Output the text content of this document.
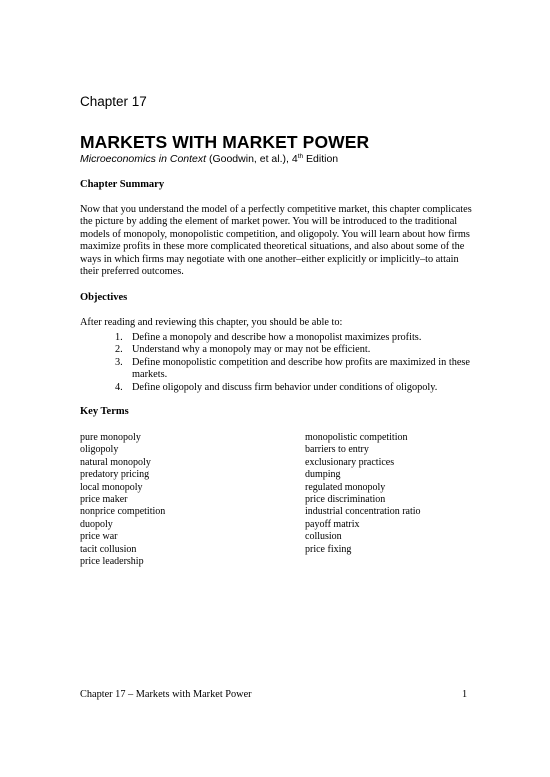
Chapter 17
MARKETS WITH MARKET POWER
Microeconomics in Context (Goodwin, et al.), 4th Edition
Chapter Summary
Now that you understand the model of a perfectly competitive market, this chapter complicates the picture by adding the element of market power. You will be introduced to the traditional models of monopoly, monopolistic competition, and oligopoly. You will learn about how firms maximize profits in these more complicated theoretical situations, and also about some of the ways in which firms may negotiate with one another–either explicitly or implicitly–to attain their preferred outcomes.
Objectives
After reading and reviewing this chapter, you should be able to:
1. Define a monopoly and describe how a monopolist maximizes profits.
2. Understand why a monopoly may or may not be efficient.
3. Define monopolistic competition and describe how profits are maximized in these markets.
4. Define oligopoly and discuss firm behavior under conditions of oligopoly.
Key Terms
pure monopoly	monopolistic competition
oligopoly	barriers to entry
natural monopoly	exclusionary practices
predatory pricing	dumping
local monopoly	regulated monopoly
price maker	price discrimination
nonprice competition	industrial concentration ratio
duopoly	payoff matrix
price war	collusion
tacit collusion	price fixing
price leadership
Chapter 17 – Markets with Market Power	1
